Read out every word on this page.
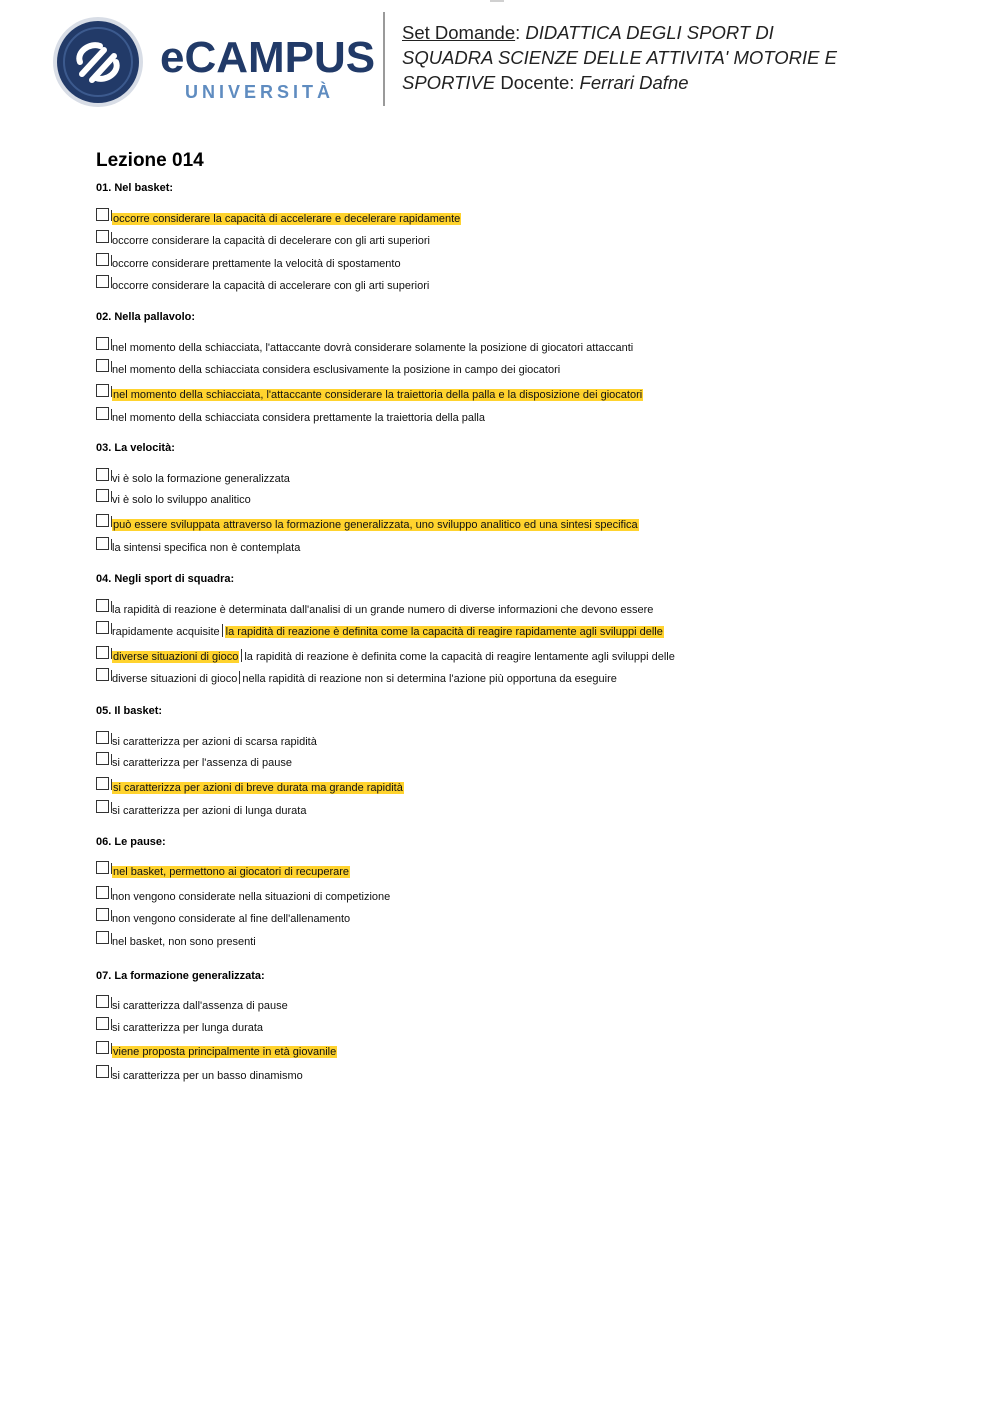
eCAMPUS
UNIVERSITÀ
Set Domande: DIDATTICA DEGLI SPORT DI SQUADRA SCIENZE DELLE ATTIVITA' MOTORIE E SPORTIVE Docente: Ferrari Dafne
Lezione 014
01. Nel basket:
occorre considerare la capacità di accelerare e decelerare rapidamente
occorre considerare la capacità di decelerare con gli arti superiori
occorre considerare prettamente la velocità di spostamento
occorre considerare la capacità di accelerare con gli arti superiori
02. Nella pallavolo:
nel momento della schiacciata, l'attaccante dovrà considerare solamente la posizione di giocatori attaccanti
nel momento della schiacciata considera esclusivamente la posizione in campo dei giocatori
nel momento della schiacciata, l'attaccante considerare la traiettoria della palla e la disposizione dei giocatori
nel momento della schiacciata considera prettamente la traiettoria della palla
03. La velocità:
vi è solo la formazione generalizzata
vi è solo lo sviluppo analitico
può essere sviluppata attraverso la formazione generalizzata, uno sviluppo analitico ed una sintesi specifica
la sintensi specifica non è contemplata
04. Negli sport di squadra:
la rapidità di reazione è determinata dall'analisi di un grande numero di diverse informazioni che devono essere
rapidamente acquisite la rapidità di reazione è definita come la capacità di reagire rapidamente agli sviluppi delle
diverse situazioni di gioco la rapidità di reazione è definita come la capacità di reagire lentamente agli sviluppi delle
diverse situazioni di gioco nella rapidità di reazione non si determina l'azione più opportuna da eseguire
05. Il basket:
si caratterizza per azioni di scarsa rapidità
si caratterizza per l'assenza di pause
si caratterizza per azioni di breve durata ma grande rapidità
si caratterizza per azioni di lunga durata
06. Le pause:
nel basket, permettono ai giocatori di recuperare
non vengono considerate nella situazioni di competizione
non vengono considerate al fine dell'allenamento
nel basket, non sono presenti
07. La formazione generalizzata:
si caratterizza dall'assenza di pause
si caratterizza per lunga durata
viene proposta principalmente in età giovanile
si caratterizza per un basso dinamismo
